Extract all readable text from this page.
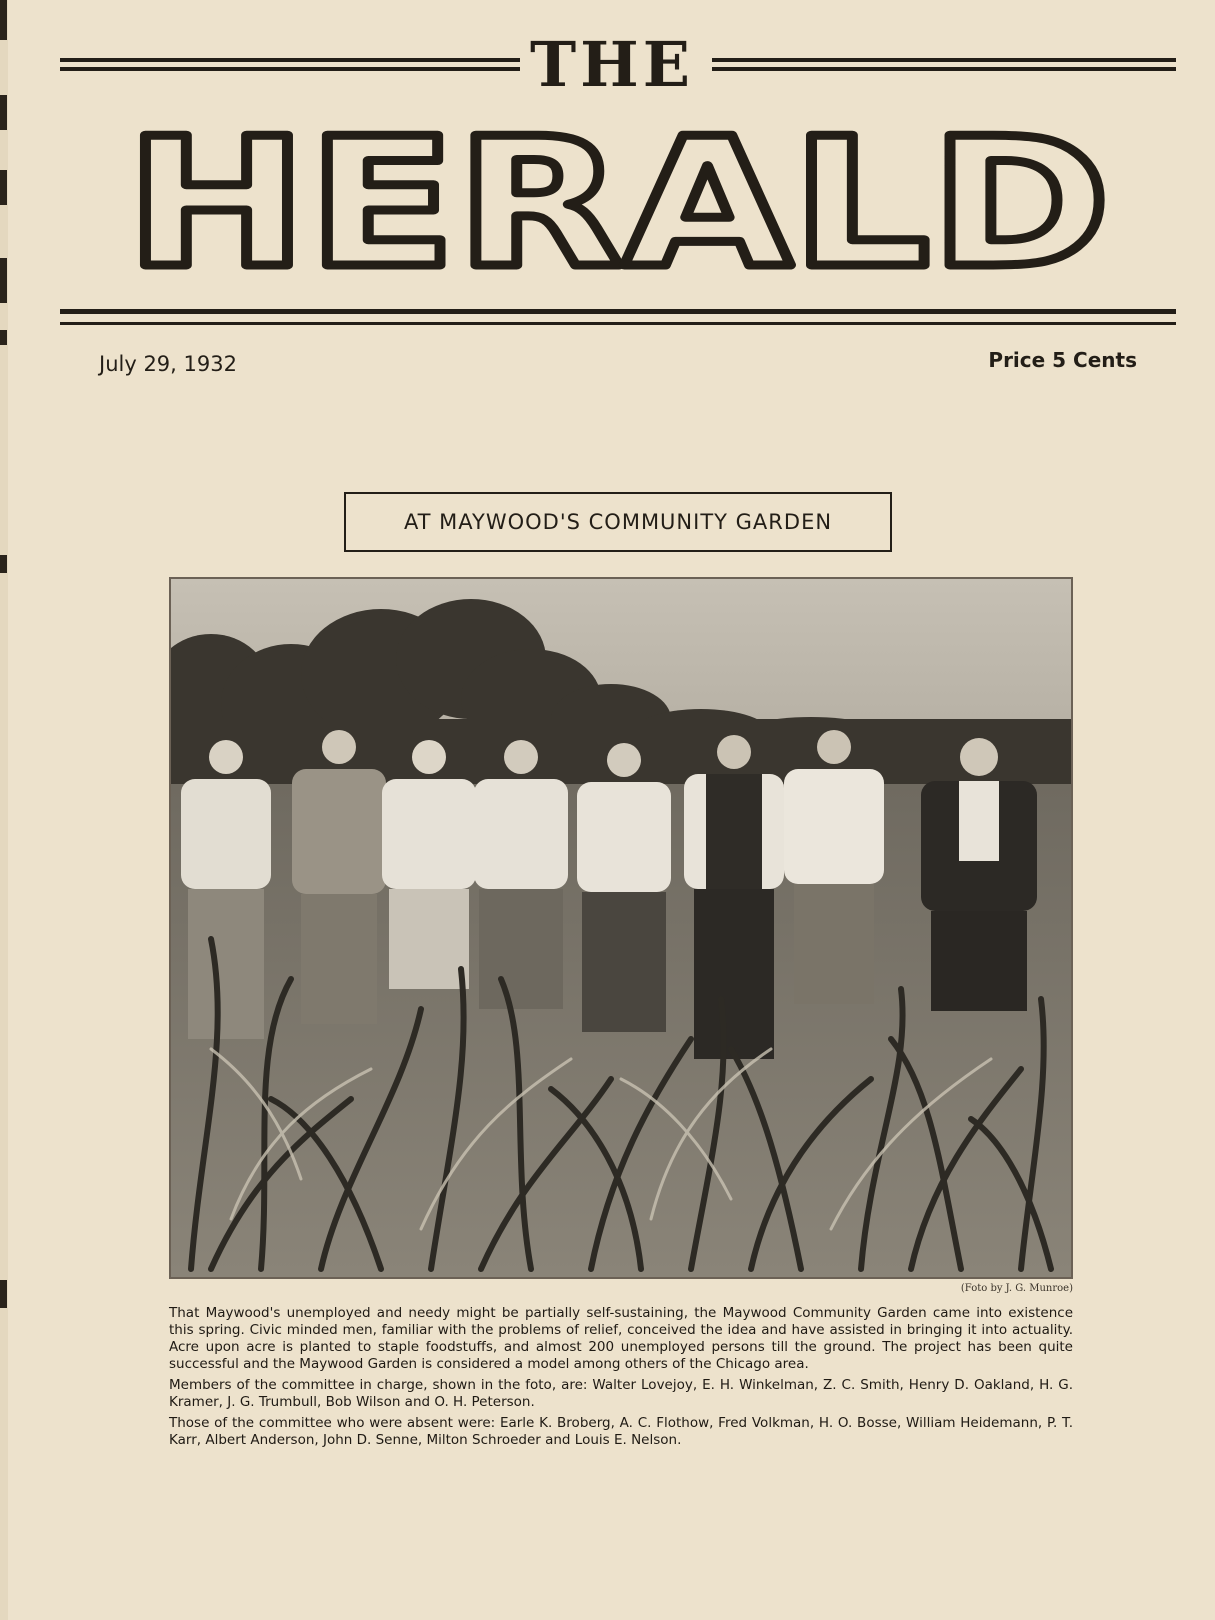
THE
HERALD
July 29, 1932	Price 5 Cents
AT MAYWOOD'S COMMUNITY GARDEN
(Foto by J. G. Munroe)

That Maywood's unemployed and needy might be partially self-sustaining, the Maywood Community Garden came into existence this spring. Civic minded men, familiar with the problems of relief, conceived the idea and have assisted in bringing it into actuality. Acre upon acre is planted to staple foodstuffs, and almost 200 unemployed persons till the ground. The project has been quite successful and the Maywood Garden is considered a model among others of the Chicago area.

Members of the committee in charge, shown in the foto, are: Walter Lovejoy, E. H. Winkelman, Z. C. Smith, Henry D. Oakland, H. G. Kramer, J. G. Trumbull, Bob Wilson and O. H. Peterson.

Those of the committee who were absent were: Earle K. Broberg, A. C. Flothow, Fred Volkman, H. O. Bosse, William Heidemann, P. T. Karr, Albert Anderson, John D. Senne, Milton Schroeder and Louis E. Nelson.
